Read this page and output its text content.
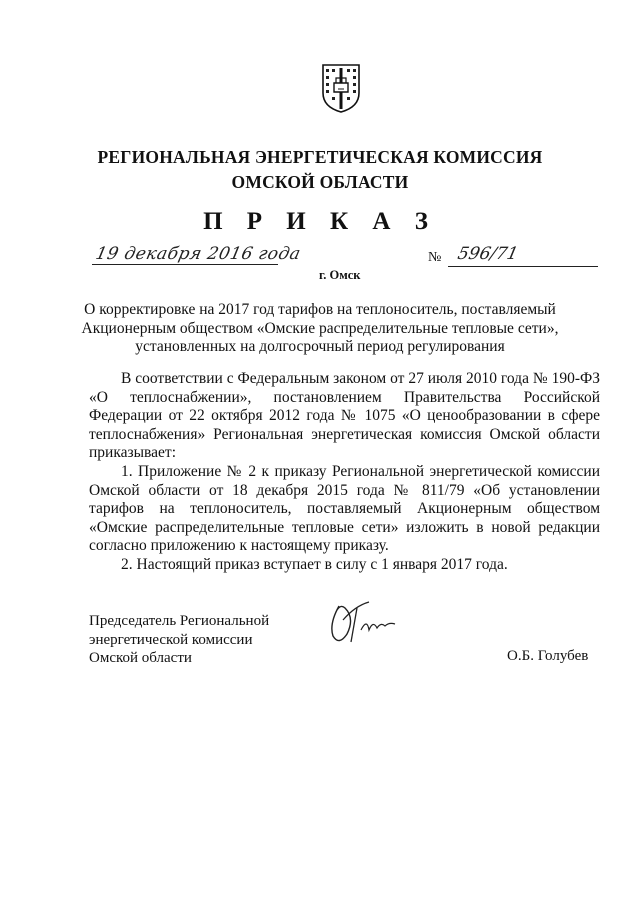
РЕГИОНАЛЬНАЯ ЭНЕРГЕТИЧЕСКАЯ КОМИССИЯ
ОМСКОЙ ОБЛАСТИ
П Р И К А З
19 декабря 2016 года	№ 596/71
г. Омск
О корректировке на 2017 год тарифов на теплоноситель, поставляемый
Акционерным обществом «Омские распределительные тепловые сети»,
установленных на долгосрочный период регулирования

В соответствии с Федеральным законом от 27 июля 2010 года № 190-ФЗ «О теплоснабжении», постановлением Правительства Российской Федерации от 22 октября 2012 года № 1075 «О ценообразовании в сфере теплоснабжения» Региональная энергетическая комиссия Омской области приказывает:

1. Приложение № 2 к приказу Региональной энергетической комиссии Омской области от 18 декабря 2015 года № 811/79 «Об установлении тарифов на теплоноситель, поставляемый Акционерным обществом «Омские распределительные тепловые сети» изложить в новой редакции согласно приложению к настоящему приказу.

2. Настоящий приказ вступает в силу с 1 января 2017 года.

Председатель Региональной
энергетической комиссии
Омской области	О.Б. Голубев
